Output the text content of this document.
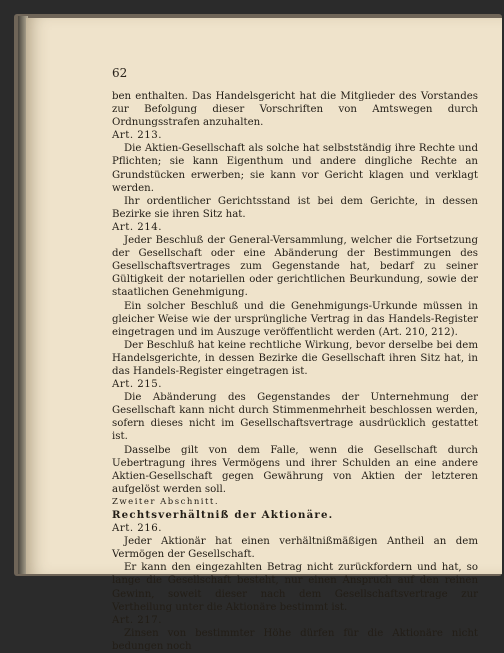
62

ben enthalten. Das Handelsgericht hat die Mitglieder des Vorstandes zur Befolgung dieser Vorschriften von Amtswegen durch Ordnungsstrafen anzuhalten.

Art. 213.

Die Aktien-Gesellschaft als solche hat selbstständig ihre Rechte und Pflichten; sie kann Eigenthum und andere dingliche Rechte an Grundstücken erwerben; sie kann vor Gericht klagen und verklagt werden.

Ihr ordentlicher Gerichtsstand ist bei dem Gerichte, in dessen Bezirke sie ihren Sitz hat.

Art. 214.

Jeder Beschluß der General-Versammlung, welcher die Fortsetzung der Gesellschaft oder eine Abänderung der Bestimmungen des Gesellschaftsvertrages zum Gegenstande hat, bedarf zu seiner Gültigkeit der notariellen oder gerichtlichen Beurkundung, sowie der staatlichen Genehmigung.

Ein solcher Beschluß und die Genehmigungs-Urkunde müssen in gleicher Weise wie der ursprüngliche Vertrag in das Handels-Register eingetragen und im Auszuge veröffentlicht werden (Art. 210, 212).

Der Beschluß hat keine rechtliche Wirkung, bevor derselbe bei dem Handelsgerichte, in dessen Bezirke die Gesellschaft ihren Sitz hat, in das Handels-Register eingetragen ist.

Art. 215.

Die Abänderung des Gegenstandes der Unternehmung der Gesellschaft kann nicht durch Stimmenmehrheit beschlossen werden, sofern dieses nicht im Gesellschaftsvertrage ausdrücklich gestattet ist.

Dasselbe gilt von dem Falle, wenn die Gesellschaft durch Uebertragung ihres Vermögens und ihrer Schulden an eine andere Aktien-Gesellschaft gegen Gewährung von Aktien der letzteren aufgelöst werden soll.

Zweiter Abschnitt.

Rechtsverhältniß der Aktionäre.

Art. 216.

Jeder Aktionär hat einen verhältnißmäßigen Antheil an dem Vermögen der Gesellschaft.

Er kann den eingezahlten Betrag nicht zurückfordern und hat, so lange die Gesellschaft besteht, nur einen Anspruch auf den reinen Gewinn, soweit dieser nach dem Gesellschaftsvertrage zur Vertheilung unter die Aktionäre bestimmt ist.

Art. 217.

Zinsen von bestimmter Höhe dürfen für die Aktionäre nicht bedungen noch
